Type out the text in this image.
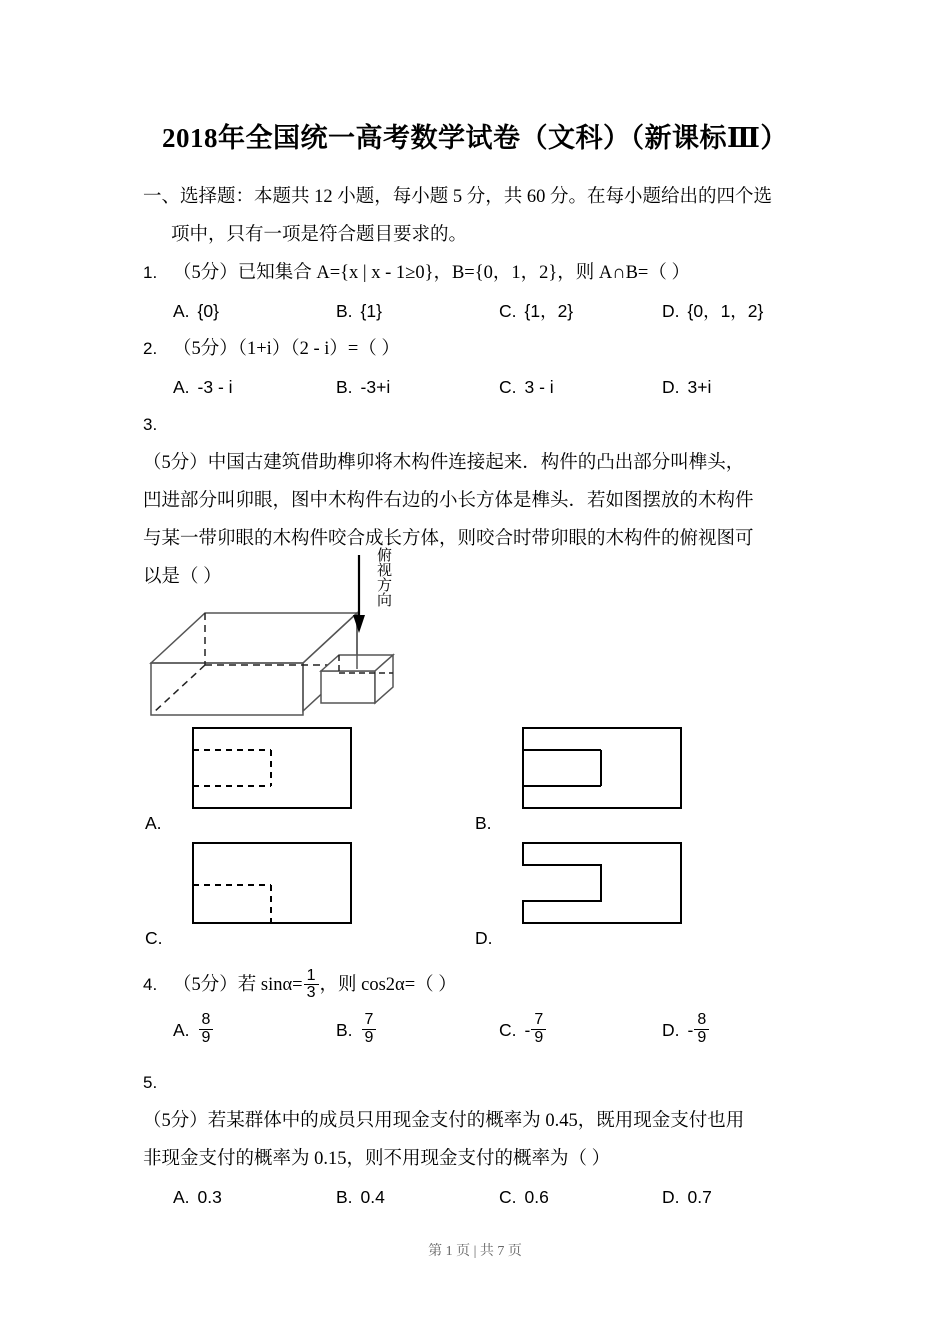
2018年全国统一高考数学试卷（文科）（新课标Ⅲ）
一、选择题：本题共 12 小题，每小题 5 分，共 60 分。在每小题给出的四个选
项中，只有一项是符合题目要求的。
1. （5分）已知集合 A={x | x - 1≥0}，B={0，1，2}，则 A∩B=（ ）
A. {0}	B. {1}	C. {1，2}	D. {0，1，2}
2. （5分）（1+i）（2 - i）=（ ）
A. ‑3 - i	B. ‑3+i	C. 3 - i	D. 3+i
3.
（5分）中国古建筑借助榫卯将木构件连接起来．构件的凸出部分叫榫头，
凹进部分叫卯眼，图中木构件右边的小长方体是榫头．若如图摆放的木构件
与某一带卯眼的木构件咬合成长方体，则咬合时带卯眼的木构件的俯视图可
以是（ ）	俯视方向
A.	B.
C.	D.
4. （5分）若 $\sin\alpha= \frac{1}{3}$ ，则 cos2α=（ ）
A. $\frac{8}{9}$	B. $\frac{7}{9}$	C. ‑ $\frac{7}{9}$	D. ‑ $\frac{8}{9}$
5.
（5分）若某群体中的成员只用现金支付的概率为 0.45，既用现金支付也用
非现金支付的概率为 0.15，则不用现金支付的概率为（ ）
A. 0.3	B. 0.4	C. 0.6	D. 0.7
第 1 页 | 共 7 页
